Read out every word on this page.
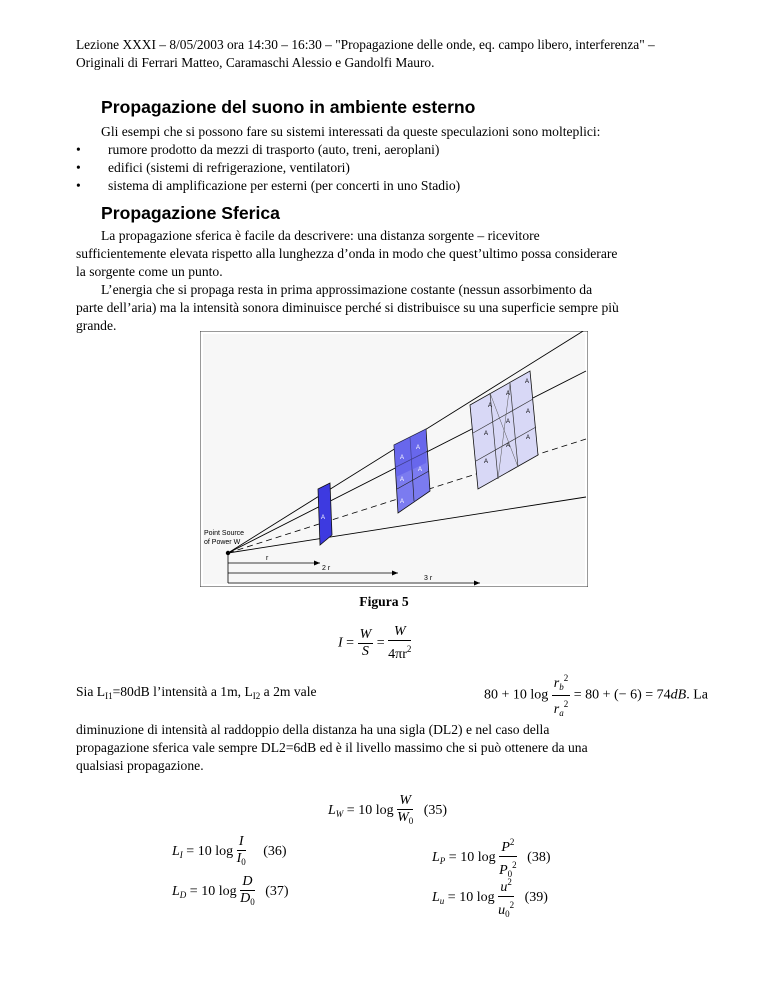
Lezione XXXI – 8/05/2003 ora 14:30 – 16:30 – "Propagazione delle onde, eq. campo libero, interferenza" –
Originali di Ferrari Matteo, Caramaschi Alessio e Gandolfi Mauro.
Propagazione del suono in ambiente esterno
Gli esempi che si possono fare su sistemi interessati da queste speculazioni sono molteplici:
• rumore prodotto da mezzi di trasporto (auto, treni, aeroplani)
• edifici (sistemi di refrigerazione, ventilatori)
• sistema di amplificazione per esterni (per concerti in uno Stadio)
Propagazione Sferica
La propagazione sferica è facile da descrivere: una distanza sorgente – ricevitore
sufficientemente elevata rispetto alla lunghezza d’onda in modo che quest’ultimo possa considerare
la sorgente come un punto.
L’energia che si propaga resta in prima approssimazione costante (nessun assorbimento da
parte dell’aria) ma la intensità sonora diminuisce perché si distribuisce su una superficie sempre più
grande.
A
A
A
A
A
A
A
A
A
A
A
A
A
A
A
Point Source
of Power W
r
2 r
3 r
Figura 5
$I = \frac{W}{S} = \frac{W}{4\pi r^2}$
Sia $L_{I1}=80dB$ l’intensità a 1m, $L_{I2}$ a 2m vale	80 + 10 $\log \frac{r_b^2}{r_a^2} = 80$ + (− 6) = 74dB. La
diminuzione di intensità al raddoppio della distanza ha una sigla (DL2) e nel caso della
propagazione sferica vale sempre DL2=6dB ed è il livello massimo che si può ottenere da una
qualsiasi propagazione.
$L_W = 10$ $\log \frac{W}{W_0} (35)$
$L_I = 10$ $\log \frac{I}{I_0} (36)$
$L_D = 10$ $\log \frac{D}{D_0} (37)$
$L_P = 10$ $\log \frac{P^2}{P_0^2} (38)$
$L_u = 10$ $\log \frac{u^2}{u_0^2} (39)$
